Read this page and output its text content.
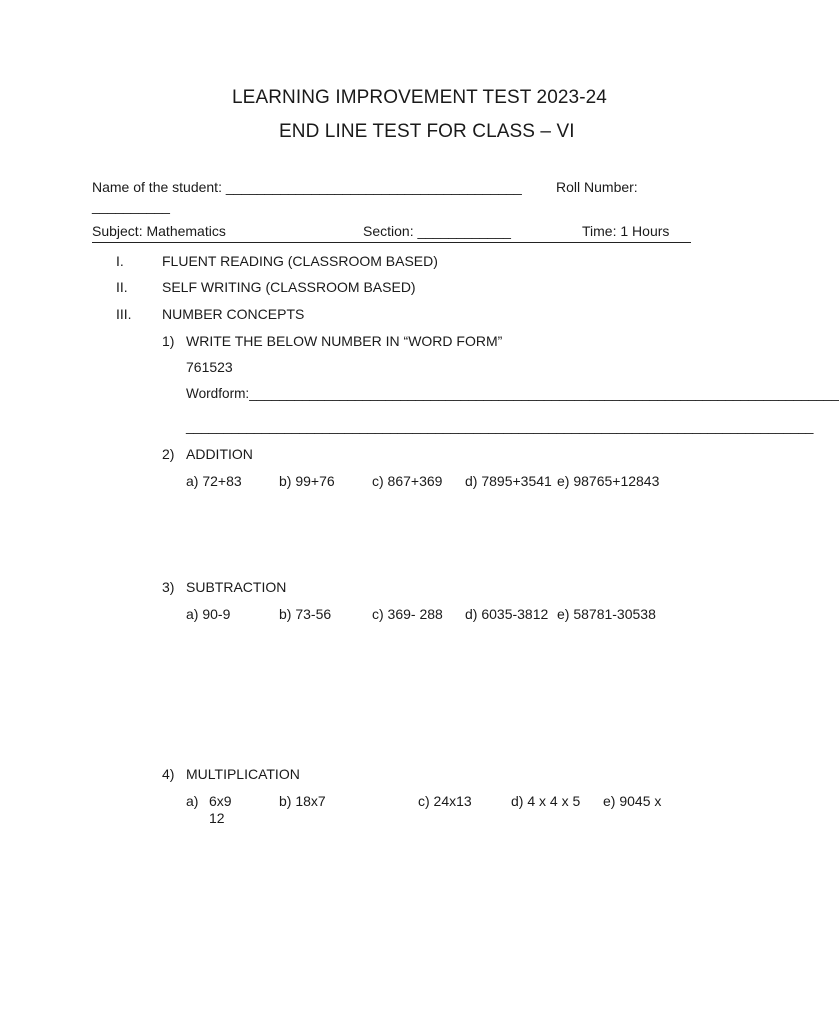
LEARNING IMPROVEMENT TEST 2023-24
END LINE TEST FOR CLASS – VI
Name of the student: ______________________________________ Roll Number:
__________
Subject: Mathematics	Section: ____________	Time: 1 Hours
I.	FLUENT READING (CLASSROOM BASED)
II. SELF WRITING (CLASSROOM BASED)
III. NUMBER CONCEPTS
1) WRITE THE BELOW NUMBER IN “WORD FORM”
761523
Wordform:______________________________________________________________________________
___________________________________________________________________________________
2) ADDITION
a) 72+83	b) 99+76	c) 867+369 d) 7895+3541 e) 98765+12843
3) SUBTRACTION
a) 90-9	b) 73-56	c) 369- 288 d) 6035-3812 e) 58781-30538
4) MULTIPLICATION
a) 6x9
12
b) 18x7	c) 24x13	d) 4 x 4 x 5 e) 9045 x
